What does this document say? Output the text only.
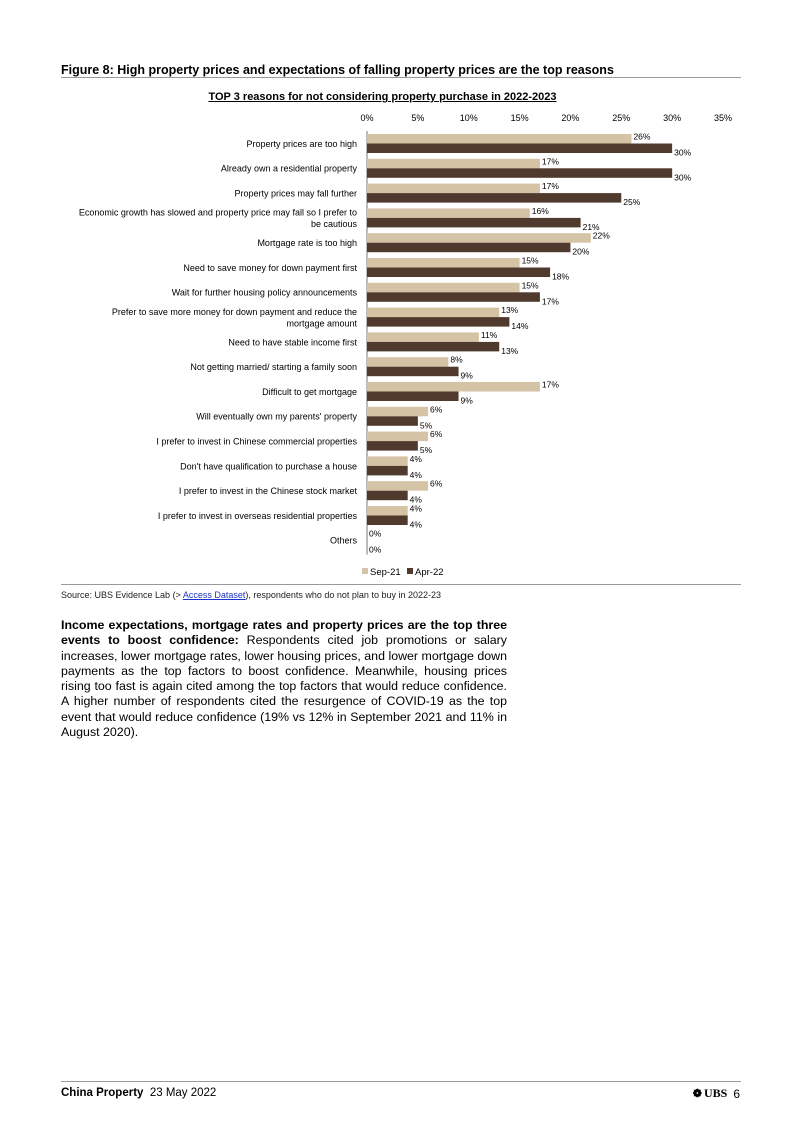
Figure 8: High property prices and expectations of falling property prices are the top reasons
TOP 3 reasons for not considering property purchase in 2022-2023
0%	5%	10%	15%	20%	25%	30%	35%
Property prices are too high
26%
30%
Already own a residential property
17%
30%
Property prices may fall further
17%
25%
Economic growth has slowed and property price may fall so I prefer to
be cautious
16%
21%
Mortgage rate is too high
22%
20%
Need to save money for down payment first
15%
18%
Wait for further housing policy announcements
15%
17%
Prefer to save more money for down payment and reduce the
mortgage amount
13%
14%
Need to have stable income first
11%
13%
Not getting married/ starting a family soon
8%
9%
Difficult to get mortgage
17%
9%
Will eventually own my parents' property
6%
5%
I prefer to invest in Chinese commercial properties
6%
5%
Don't have qualification to purchase a house
4%
4%
I prefer to invest in the Chinese stock market
6%
4%
I prefer to invest in overseas residential properties
4%
4%
Others
0%
0%
Sep-21 Apr-22
Source: UBS Evidence Lab (> Access Dataset), respondents who do not plan to buy in 2022-23
Income expectations, mortgage rates and property prices are the top three events to boost confidence: Respondents cited job promotions or salary increases, lower mortgage rates, lower housing prices, and lower mortgage down payments as the top factors to boost confidence. Meanwhile, housing prices rising too fast is again cited among the top factors that would reduce confidence. A higher number of respondents cited the resurgence of COVID-19 as the top event that would reduce confidence (19% vs 12% in September 2021 and 11% in August 2020).
China Property 23 May 2022	❁ UBS 6
